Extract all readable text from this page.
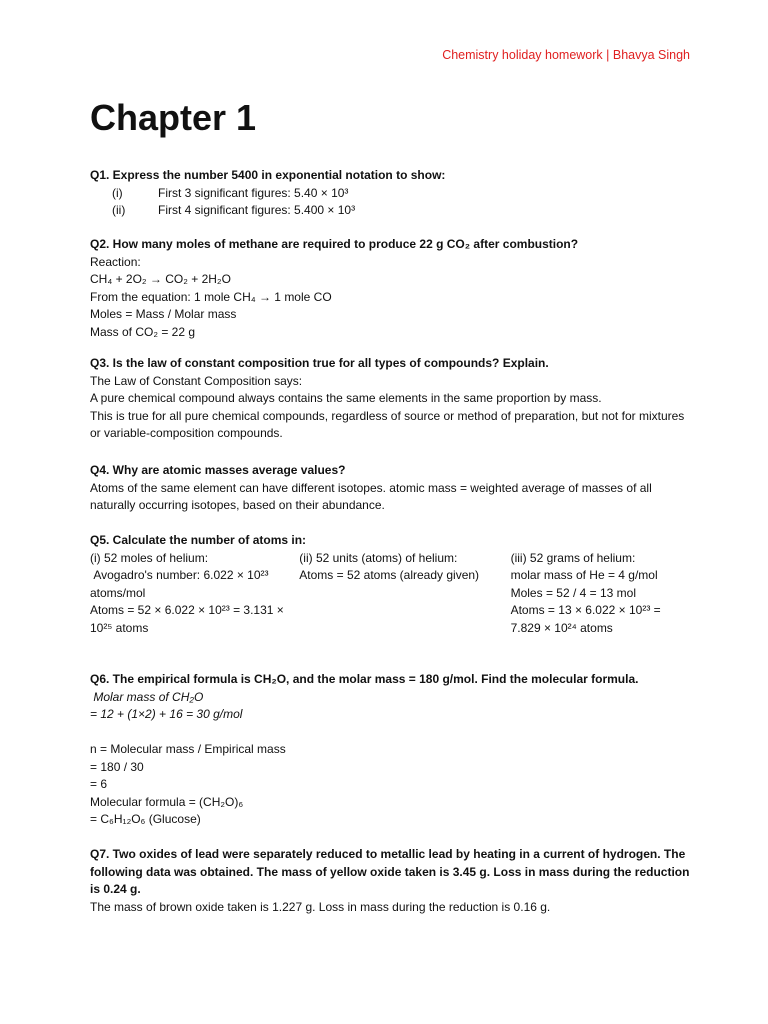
Chemistry holiday homework | Bhavya Singh
Chapter 1
Q1. Express the number 5400 in exponential notation to show:
(i)	First 3 significant figures: 5.40 × 10³
(ii)	First 4 significant figures: 5.400 × 10³
Q2. How many moles of methane are required to produce 22 g CO₂ after combustion?
Reaction:
CH₄ + 2O₂ → CO₂ + 2H₂O
From the equation: 1 mole CH₄ → 1 mole CO
Moles = Mass / Molar mass
Mass of CO₂ = 22 g
Q3. Is the law of constant composition true for all types of compounds? Explain.
The Law of Constant Composition says:
A pure chemical compound always contains the same elements in the same proportion by mass.
This is true for all pure chemical compounds, regardless of source or method of preparation, but not for mixtures or variable-composition compounds.
Q4. Why are atomic masses average values?
Atoms of the same element can have different isotopes. atomic mass = weighted average of masses of all naturally occurring isotopes, based on their abundance.
Q5. Calculate the number of atoms in:
(i) 52 moles of helium:
Avogadro's number: 6.022 × 10²³ atoms/mol
Atoms = 52 × 6.022 × 10²³ = 3.131 × 10²⁵ atoms
(ii) 52 units (atoms) of helium:
Atoms = 52 atoms (already given)
(iii) 52 grams of helium:
molar mass of He = 4 g/mol
Moles = 52 / 4 = 13 mol
Atoms = 13 × 6.022 × 10²³ = 7.829 × 10²⁴ atoms
Q6. The empirical formula is CH₂O, and the molar mass = 180 g/mol. Find the molecular formula.
Molar mass of CH₂O
= 12 + (1×2) + 16 = 30 g/mol
n = Molecular mass / Empirical mass
= 180 / 30
= 6
Molecular formula = (CH₂O)₆
= C₆H₁₂O₆ (Glucose)
Q7. Two oxides of lead were separately reduced to metallic lead by heating in a current of hydrogen. The following data was obtained. The mass of yellow oxide taken is 3.45 g. Loss in mass during the reduction is 0.24 g.
The mass of brown oxide taken is 1.227 g. Loss in mass during the reduction is 0.16 g.
